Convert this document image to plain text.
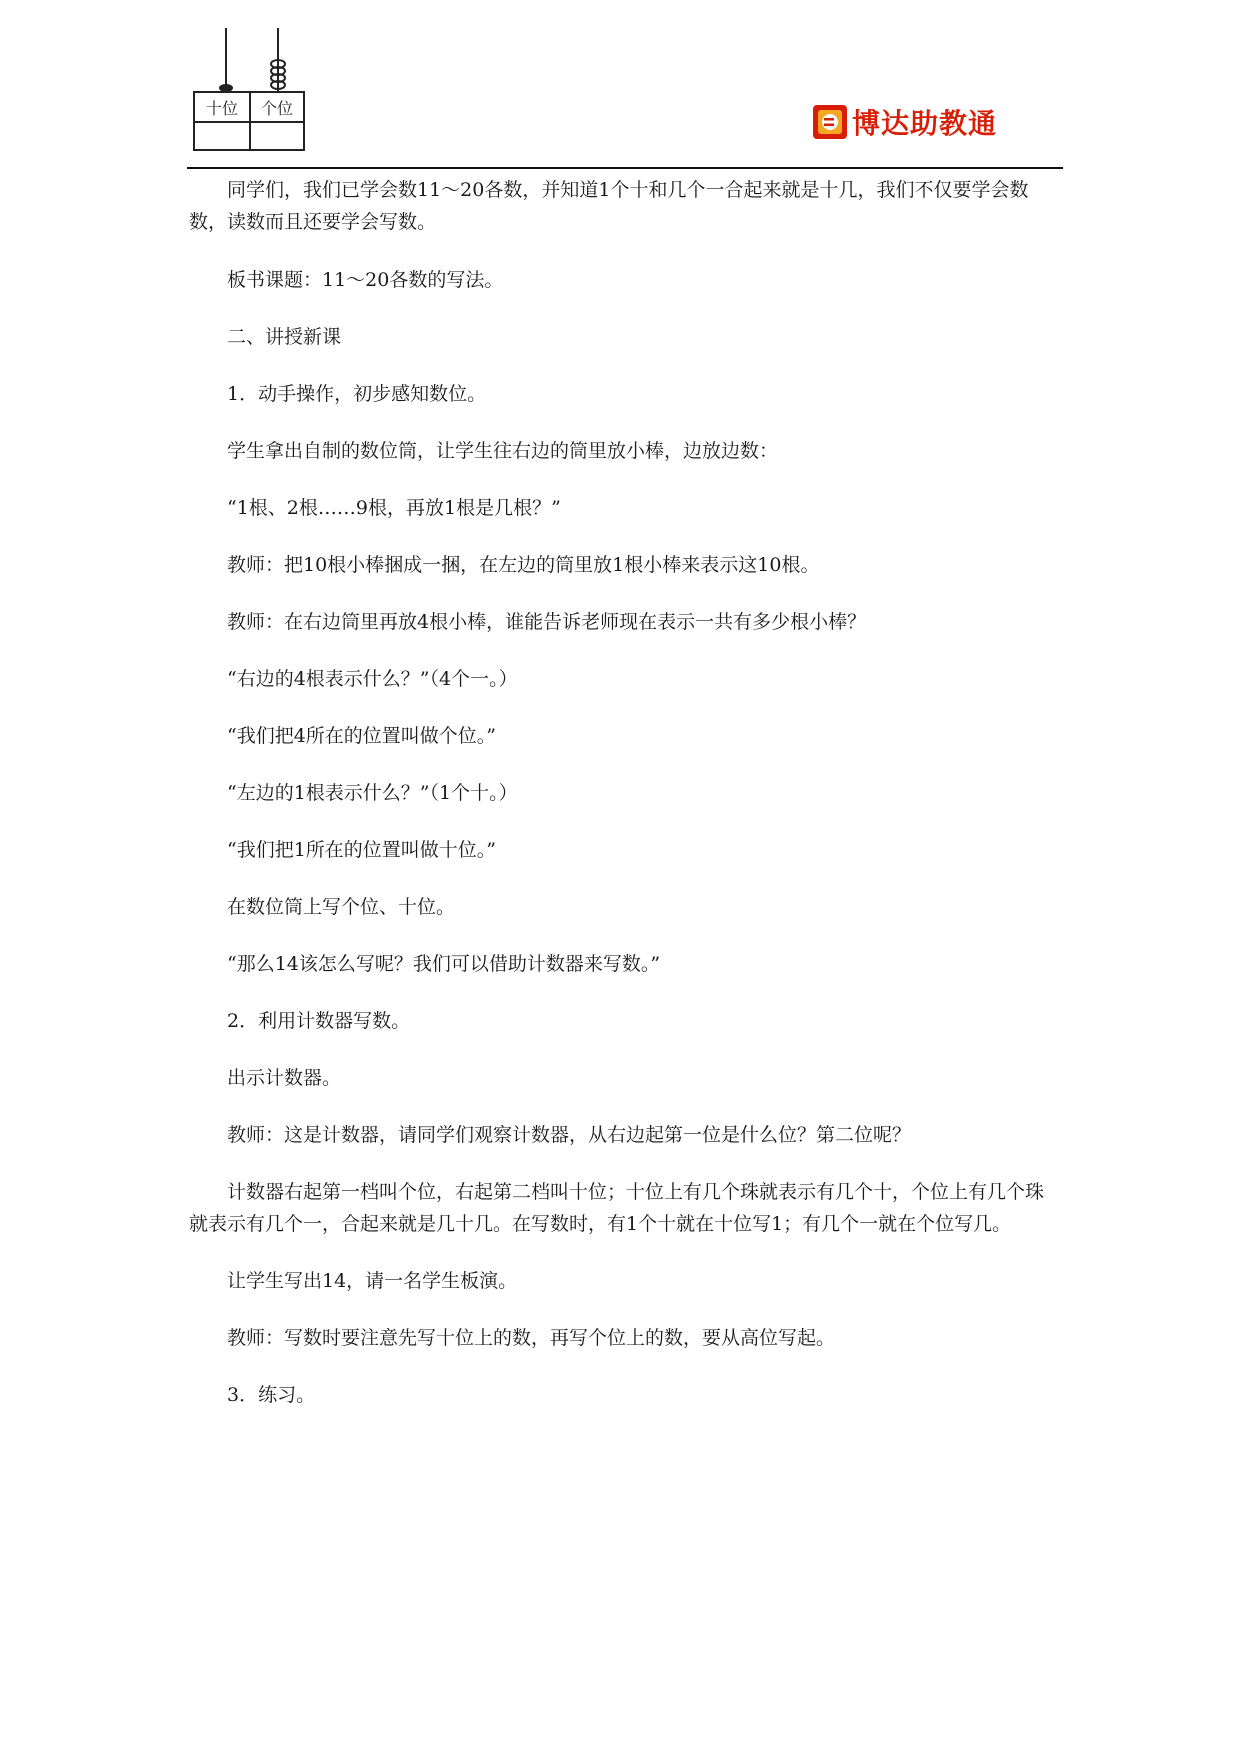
十位 个位	博达助教通

同学们，我们已学会数11～20各数，并知道1个十和几个一合起来就是十几，我们不仅要学会数数，读数而且还要学会写数。

板书课题：11～20各数的写法。

二、讲授新课

1．动手操作，初步感知数位。

学生拿出自制的数位筒，让学生往右边的筒里放小棒，边放边数：

“1根、2根……9根，再放1根是几根？”

教师：把10根小棒捆成一捆，在左边的筒里放1根小棒来表示这10根。

教师：在右边筒里再放4根小棒，谁能告诉老师现在表示一共有多少根小棒？

“右边的4根表示什么？”（4个一。）

“我们把4所在的位置叫做个位。”

“左边的1根表示什么？”（1个十。）

“我们把1所在的位置叫做十位。”

在数位筒上写个位、十位。

“那么14该怎么写呢？我们可以借助计数器来写数。”

2．利用计数器写数。

出示计数器。

教师：这是计数器，请同学们观察计数器，从右边起第一位是什么位？第二位呢？

计数器右起第一档叫个位，右起第二档叫十位；十位上有几个珠就表示有几个十，个位上有几个珠就表示有几个一，合起来就是几十几。在写数时，有1个十就在十位写1；有几个一就在个位写几。

让学生写出14，请一名学生板演。

教师：写数时要注意先写十位上的数，再写个位上的数，要从高位写起。

3．练习。
